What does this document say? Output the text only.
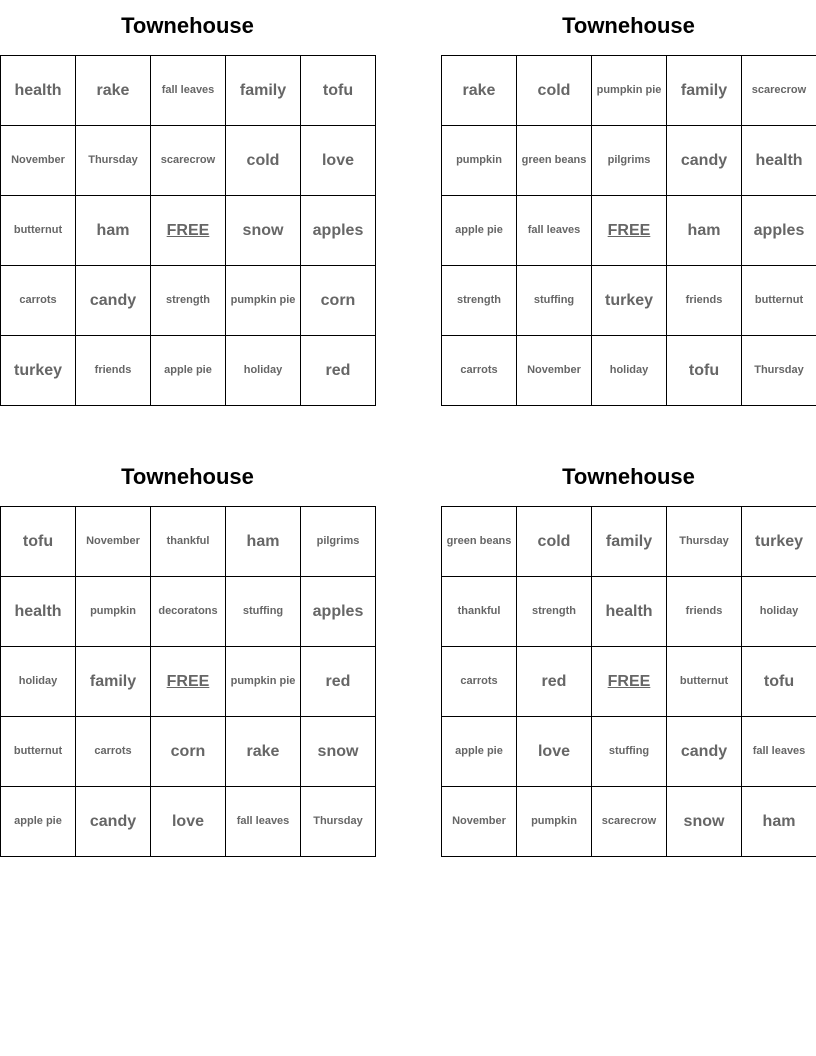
Townehouse
health	rake	fall leaves	family	tofu
November	Thursday	scarecrow	cold	love
butternut	ham	FREE	snow	apples
carrots	candy	strength	pumpkin pie	corn
turkey	friends	apple pie	holiday	red
Townehouse
rake	cold	pumpkin pie	family	scarecrow
pumpkin	green beans	pilgrims	candy	health
apple pie	fall leaves	FREE	ham	apples
strength	stuffing	turkey	friends	butternut
carrots	November	holiday	tofu	Thursday
Townehouse
tofu	November	thankful	ham	pilgrims
health	pumpkin	decoratons	stuffing	apples
holiday	family	FREE	pumpkin pie	red
butternut	carrots	corn	rake	snow
apple pie	candy	love	fall leaves	Thursday
Townehouse
green beans	cold	family	Thursday	turkey
thankful	strength	health	friends	holiday
carrots	red	FREE	butternut	tofu
apple pie	love	stuffing	candy	fall leaves
November	pumpkin	scarecrow	snow	ham
